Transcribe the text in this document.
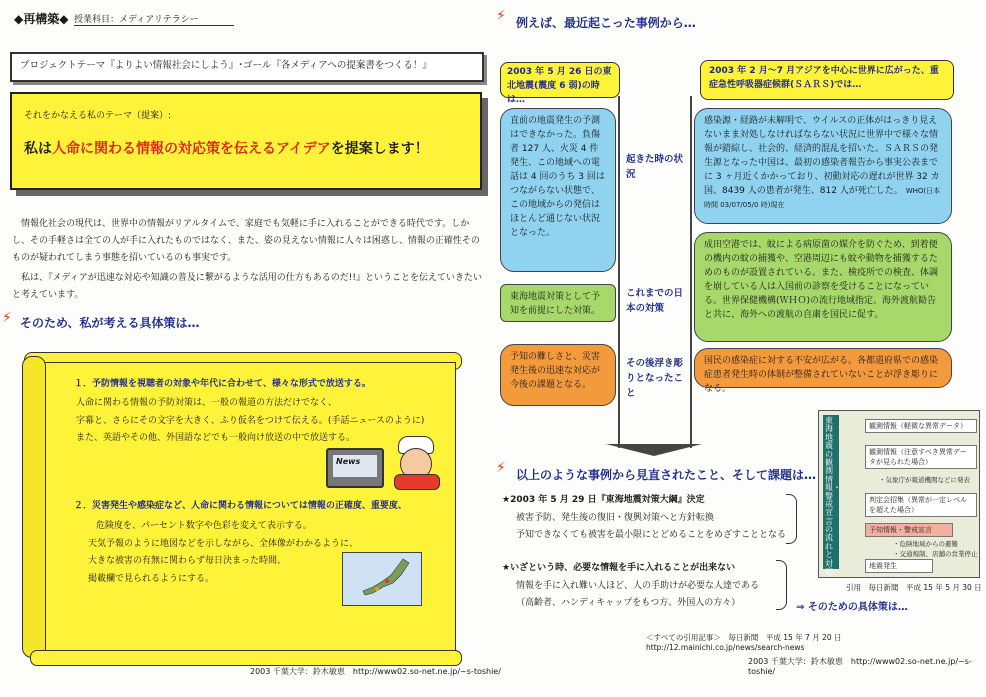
◆再構築◆ 授業科目：メディアリテラシー
プロジェクトテーマ『よりよい情報社会にしよう』･ゴール『各メディアへの提案書をつくる！』
それをかなえる私のテーマ（提案）:
私は人命に関わる情報の対応策を伝えるアイデアを提案します！
情報化社会の現代は、世界中の情報がリアルタイムで、家庭でも気軽に手に入れることができる時代です。しかし、その手軽さは全ての人が手に入れたものではなく、また、姿の見えない情報に人々は困惑し、情報の正確性そのものが疑われてしまう事態を招いているのも事実です。
私は、『メディアが迅速な対応や知識の普及に繋がるような活用の仕方もあるのだ!!』ということを伝えていきたいと考えています。
⚡ そのため、私が考える具体策は…
１．予防情報を視聴者の対象や年代に合わせて、様々な形式で放送する。

人命に関わる情報の予防対策は、一般の報道の方法だけでなく、

字幕と、さらにその文字を大きく、ふり仮名をつけて伝える。(手話ニュースのように)

また、英語やその他、外国語などでも一般向け放送の中で放送する。

News
２．災害発生や感染症など、人命に関わる情報については情報の正確度、重要度、

危険度を、パーセント数字や色彩を変えて表示する。

天気予報のように地図などを示しながら、全体像がわかるように、

大きな被害の有無に関わらず毎日決まった時間、

掲載欄で見られるようにする。

2003 千葉大学：鈴木敏恵　http://www02.so-net.ne.jp/~s-toshie/
⚡ 例えば、最近起こった事例から…
2003 年 5 月 26 日の東北地震(震度 6 弱)の時は…
2003 年 2 月～7 月アジアを中心に世界に広がった、重症急性呼吸器症候群(ＳＡＲＳ)では…
起きた時の状況
これまでの日本の対策
その後浮き彫りとなったこと
直前の地震発生の予測はできなかった。負傷者 127 人、火災 4 件発生、この地域への電話は 4 回のうち 3 回はつながらない状態で、この地域からの発信はほとんど通じない状況となった。
感染源・経路が未解明で、ウイルスの正体がはっきり見えないまま対処しなければならない状況に世界中で様々な情報が錯綜し、社会的、経済的混乱を招いた。ＳＡＲＳの発生源となった中国は、最初の感染者報告から事実公表までに 3 ヶ月近くかかっており、初動対応の遅れが世界 32 カ国、8439 人の患者が発生、812 人が死亡した。 WHO(日本時間 03/07/05/0 時)現在
東海地震対策として予知を前提にした対策。
成田空港では、蚊による病原菌の媒介を防ぐため、到着便の機内の蚊の捕獲や、空港周辺にも蚊や動物を捕獲するためのものが設置されている。また、検疫所での検査、体調を崩している人は入国前の診察を受けることになっている。世界保健機構(ＷＨＯ)の流行地域指定、海外渡航勧告と共に、海外への渡航の自粛を国民に促す。
予知の難しさと、災害発生後の迅速な対応が今後の課題となる。
国民の感染症に対する不安が広がる。各都道府県での感染症患者発生時の体制が整備されていないことが浮き彫りになる。
⚡ 以上のような事例から見直されたこと、そして課題は…

★2003 年 5 月 29 日『東海地震対策大綱』決定

被害予防、発生後の復旧・復興対策へと方針転換

予知できなくても被害を最小限にとどめることをめざすこととなる

★いざという時、必要な情報を手に入れることが出来ない

情報を手に入れ難い人ほど、人の手助けが必要な人達である

（高齢者、ハンディキャップをもつ方、外国人の方々）	⇒ そのための具体策は…
東海地震の観測情報・警戒宣言の流れと対応
観測情報（軽微な異常データ）
観測情報（注意すべき異常データが見られた場合）
・気象庁が報道機関などに発表
判定会招集（異常が一定レベルを超えた場合）
予知情報・警戒宣言
・危険地域からの避難
・交通規制、店舗の営業停止
地震発生
引用　毎日新聞　平成 15 年 5 月 30 日
＜すべての引用記事＞　毎日新聞　平成 15 年 7 月 20 日　http://12.mainichi.co.jp/news/search-news
2003 千葉大学：鈴木敏恵　http://www02.so-net.ne.jp/~s-toshie/
